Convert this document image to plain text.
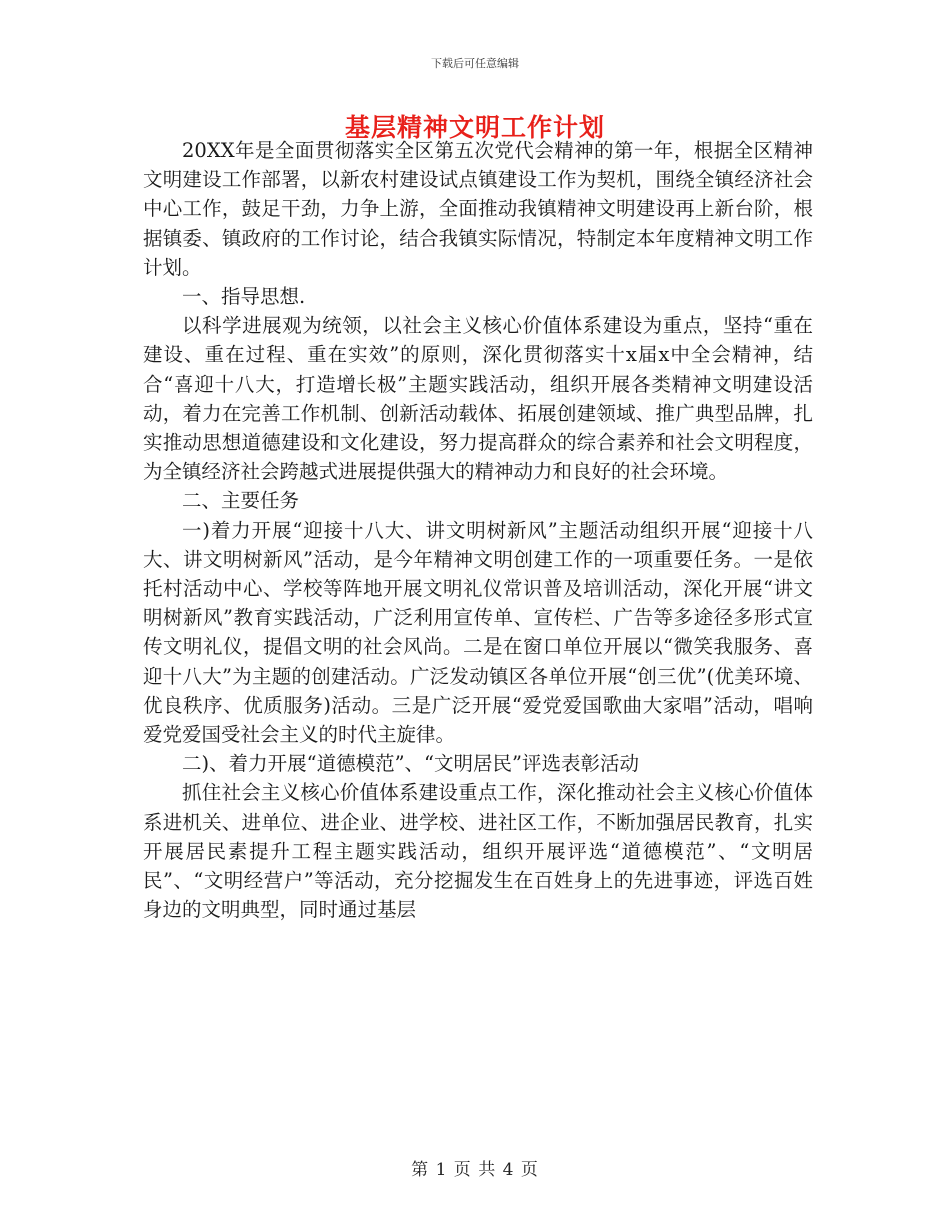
下载后可任意编辑
基层精神文明工作计划

20XX年是全面贯彻落实全区第五次党代会精神的第一年，根据全区精神文明建设工作部署，以新农村建设试点镇建设工作为契机，围绕全镇经济社会中心工作，鼓足干劲，力争上游，全面推动我镇精神文明建设再上新台阶，根据镇委、镇政府的工作讨论，结合我镇实际情况，特制定本年度精神文明工作计划。

一、指导思想.

以科学进展观为统领，以社会主义核心价值体系建设为重点，坚持“重在建设、重在过程、重在实效”的原则，深化贯彻落实十x届x中全会精神，结合“喜迎十八大，打造增长极”主题实践活动，组织开展各类精神文明建设活动，着力在完善工作机制、创新活动载体、拓展创建领域、推广典型品牌，扎实推动思想道德建设和文化建设，努力提高群众的综合素养和社会文明程度，为全镇经济社会跨越式进展提供强大的精神动力和良好的社会环境。

二、主要任务

一)着力开展“迎接十八大、讲文明树新风”主题活动组织开展“迎接十八大、讲文明树新风”活动，是今年精神文明创建工作的一项重要任务。一是依托村活动中心、学校等阵地开展文明礼仪常识普及培训活动，深化开展“讲文明树新风”教育实践活动，广泛利用宣传单、宣传栏、广告等多途径多形式宣传文明礼仪，提倡文明的社会风尚。二是在窗口单位开展以“微笑我服务、喜迎十八大”为主题的创建活动。广泛发动镇区各单位开展“创三优”(优美环境、优良秩序、优质服务)活动。三是广泛开展“爱党爱国歌曲大家唱”活动，唱响爱党爱国受社会主义的时代主旋律。

二)、着力开展“道德模范”、“文明居民”评选表彰活动

抓住社会主义核心价值体系建设重点工作，深化推动社会主义核心价值体系进机关、进单位、进企业、进学校、进社区工作，不断加强居民教育，扎实开展居民素提升工程主题实践活动，组织开展评选“道德模范”、“文明居民”、“文明经营户”等活动，充分挖掘发生在百姓身上的先进事迹，评选百姓身边的文明典型，同时通过基层

第 1 页 共 4 页
